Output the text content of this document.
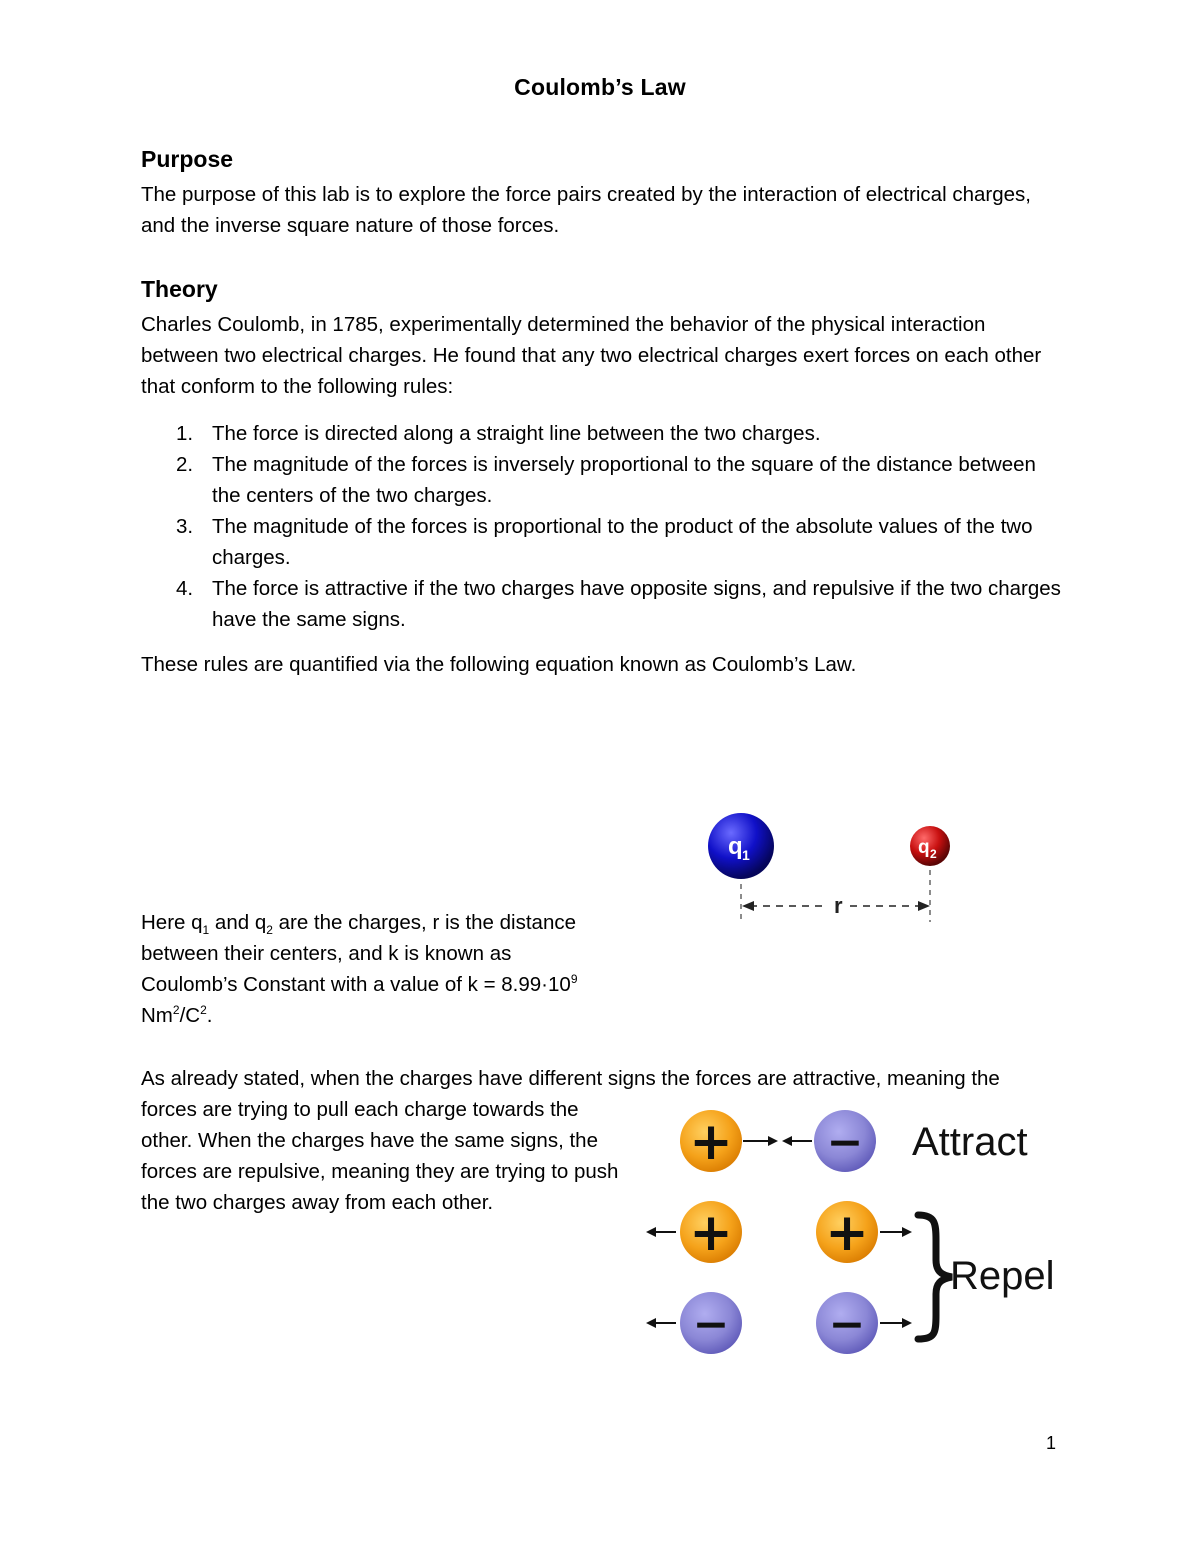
Coulomb’s Law
Purpose
The purpose of this lab is to explore the force pairs created by the interaction of electrical charges, and the inverse square nature of those forces.
Theory
Charles Coulomb, in 1785, experimentally determined the behavior of the physical interaction between two electrical charges. He found that any two electrical charges exert forces on each other that conform to the following rules:
1. The force is directed along a straight line between the two charges.
2. The magnitude of the forces is inversely proportional to the square of the distance between the centers of the two charges.
3. The magnitude of the forces is proportional to the product of the absolute values of the two charges.
4. The force is attractive if the two charges have opposite signs, and repulsive if the two charges have the same signs.
These rules are quantified via the following equation known as Coulomb’s Law.
q 1	q 2
r
Here $q_1$ and $q_2$ are the charges, r is the distance between their centers, and k is known as Coulomb’s Constant with a value of $k = 8.99\cdot 10^9$ $Nm^2/C^2$.
As already stated, when the charges have different signs the forces are attractive, meaning the
forces are trying to pull each charge towards the other. When the charges have the same signs, the forces are repulsive, meaning they are trying to push the two charges away from each other.
+ − Attract
+ +
− −
Repel
1
